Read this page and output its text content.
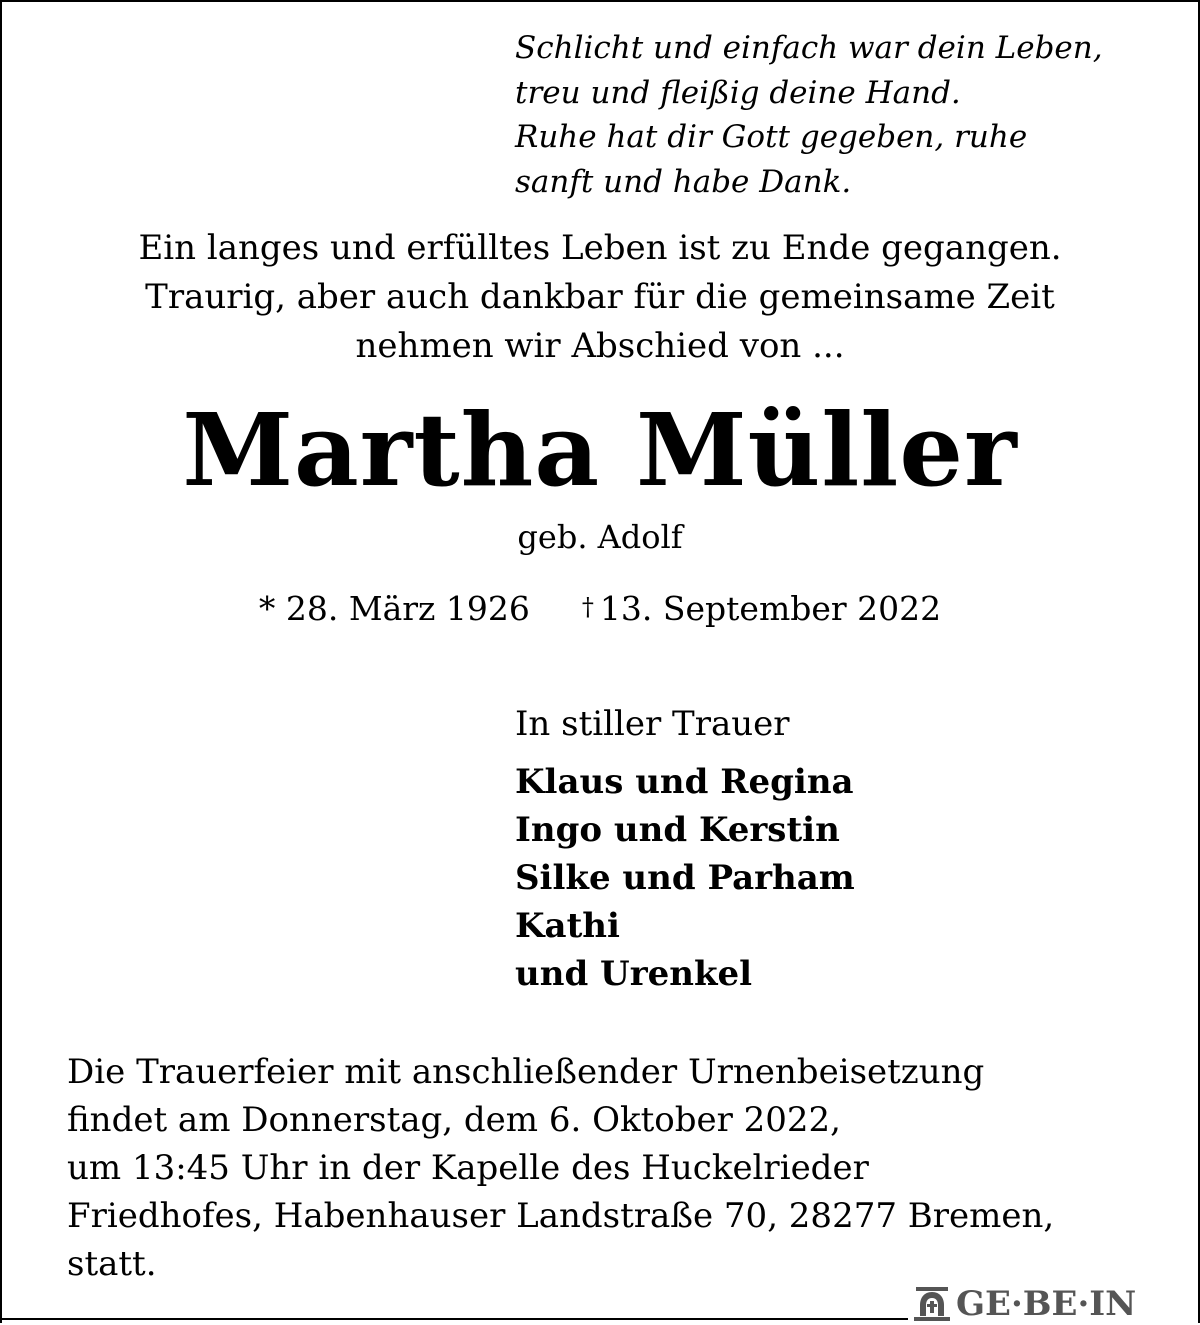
Schlicht und einfach war dein Leben,
treu und fleißig deine Hand.
Ruhe hat dir Gott gegeben, ruhe
sanft und habe Dank.
Ein langes und erfülltes Leben ist zu Ende gegangen.
Traurig, aber auch dankbar für die gemeinsame Zeit
nehmen wir Abschied von ...
Martha Müller
geb. Adolf
* 28. März 1926 † 13. September 2022
In stiller Trauer
Klaus und Regina
Ingo und Kerstin
Silke und Parham
Kathi
und Urenkel
Die Trauerfeier mit anschließender Urnenbeisetzung
findet am Donnerstag, dem 6. Oktober 2022,
um 13:45 Uhr in der Kapelle des Huckelrieder
Friedhofes, Habenhauser Landstraße 70, 28277 Bremen,
statt.
GE·BE·IN
